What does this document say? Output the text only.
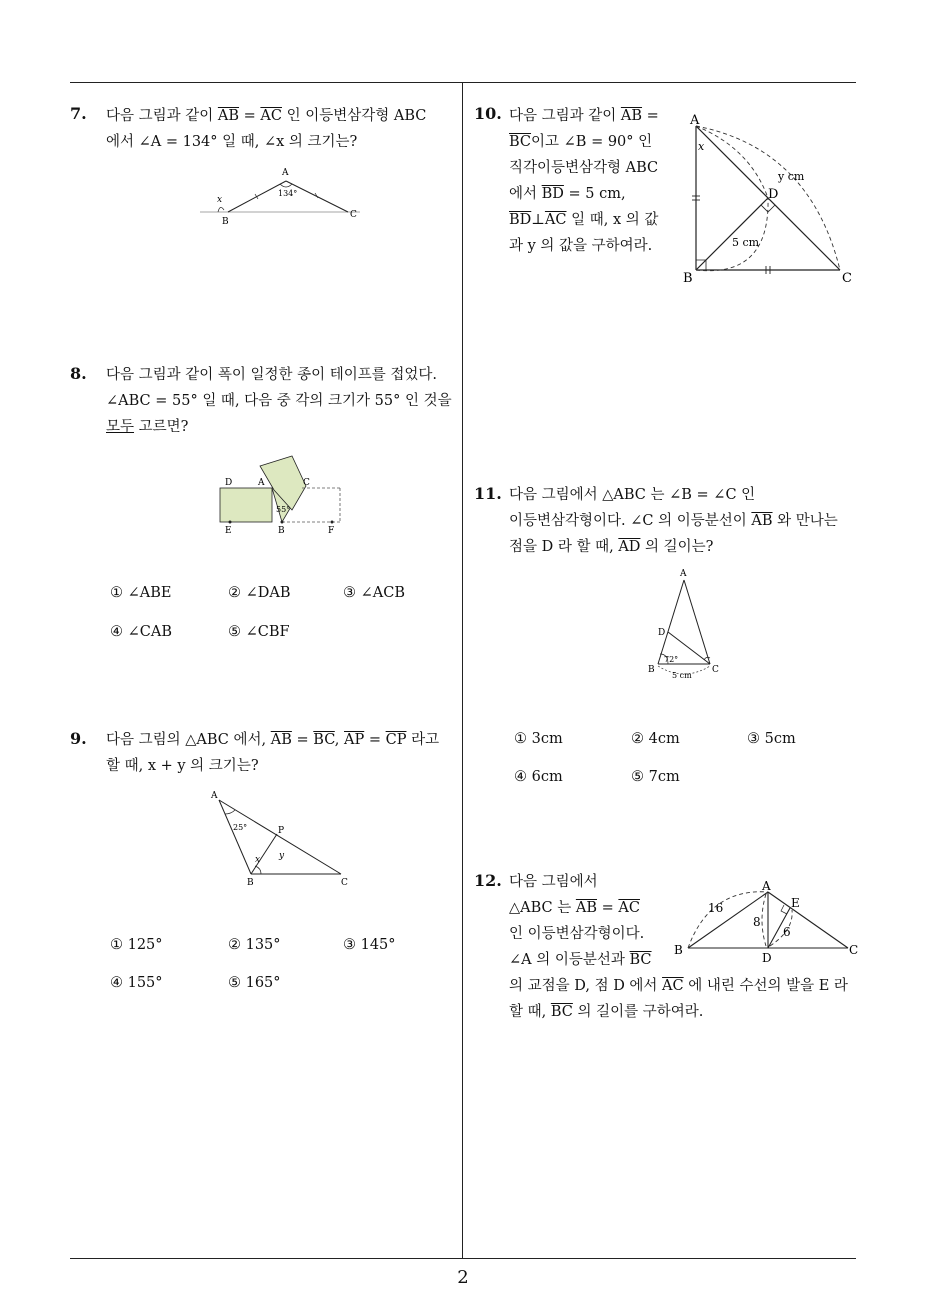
7. 다음 그림과 같이 $\overline{AB} = \overline{AC}$ 인 이등변삼각형 ABC
에서 ∠A = 134° 일 때, ∠x 의 크기는?
A
B
C
134°
x
8. 다음 그림과 같이 폭이 일정한 종이 테이프를 접었다.
∠ABC = 55° 일 때, 다음 중 각의 크기가 55° 인 것을
모두 고르면?
D	A	C
E	B	F
55°
① ∠ABE	② ∠DAB	③ ∠ACB
④ ∠CAB	⑤ ∠CBF
9. 다음 그림의 △ABC 에서, $\overline{AB} = \overline{BC}$, $\overline{AP} = \overline{CP}$ 라고
할 때, x + y 의 크기는?
A
B	C
P
25°
x y
① 125°	② 135°	③ 145°
④ 155°	⑤ 165°
10. 다음 그림과 같이 $\overline{AB}$ =
$\overline{BC}$이고 ∠B = 90° 인
직각이등변삼각형 ABC
에서 $\overline{BD} = 5$ cm,
$\overline{BD}\perp\overline{AC}$ 일 때, x 의 값
과 y 의 값을 구하여라.
A
B	C
D
x
y cm
5 cm
11. 다음 그림에서 △ABC 는 ∠B = ∠C 인
이등변삼각형이다. ∠C 의 이등분선이 $\overline{AB}$ 와 만나는
점을 D 라 할 때, $\overline{AD}$ 의 길이는?
A
B	C
D
72°
5 cm
① 3cm	② 4cm	③ 5cm
④ 6cm	⑤ 7cm
12. 다음 그림에서
△ABC 는 $\overline{AB} = \overline{AC}$
인 이등변삼각형이다.
∠A 의 이등분선과 $\overline{BC}$
의 교점을 D, 점 D 에서 $\overline{AC}$ 에 내린 수선의 발을 E 라
할 때, $\overline{BC}$ 의 길이를 구하여라.
A
B	C
D
E
16
8
6
2
